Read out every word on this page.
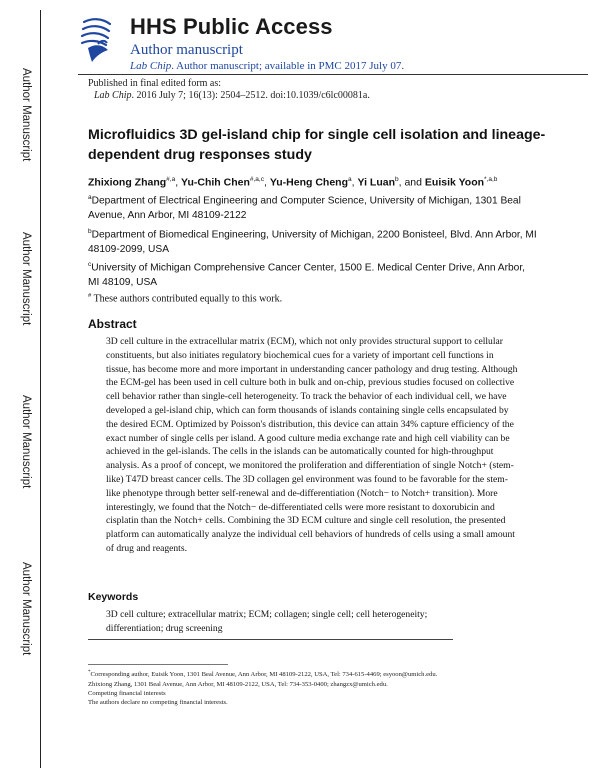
Author Manuscript
Author Manuscript
Author Manuscript
Author Manuscript
HHS Public Access
Author manuscript
Lab Chip. Author manuscript; available in PMC 2017 July 07.
Published in final edited form as:
Lab Chip. 2016 July 7; 16(13): 2504–2512. doi:10.1039/c6lc00081a.
Microfluidics 3D gel-island chip for single cell isolation and lineage-dependent drug responses study
Zhixiong Zhang$^{\#,a}$, Yu-Chih Chen$^{\#,a,c}$, Yu-Heng Cheng$^a$, Yi Luan$^b$, and Euisik Yoon$^{*,a,b}$
$^a$Department of Electrical Engineering and Computer Science, University of Michigan, 1301 Beal Avenue, Ann Arbor, MI 48109-2122
$^b$Department of Biomedical Engineering, University of Michigan, 2200 Bonisteel, Blvd. Ann Arbor, MI 48109-2099, USA
$^c$University of Michigan Comprehensive Cancer Center, 1500 E. Medical Center Drive, Ann Arbor, MI 48109, USA
# These authors contributed equally to this work.
Abstract
3D cell culture in the extracellular matrix (ECM), which not only provides structural support to cellular constituents, but also initiates regulatory biochemical cues for a variety of important cell functions in tissue, has become more and more important in understanding cancer pathology and drug testing. Although the ECM-gel has been used in cell culture both in bulk and on-chip, previous studies focused on collective cell behavior rather than single-cell heterogeneity. To track the behavior of each individual cell, we have developed a gel-island chip, which can form thousands of islands containing single cells encapsulated by the desired ECM. Optimized by Poisson's distribution, this device can attain 34% capture efficiency of the exact number of single cells per island. A good culture media exchange rate and high cell viability can be achieved in the gel-islands. The cells in the islands can be automatically counted for high-throughput analysis. As a proof of concept, we monitored the proliferation and differentiation of single Notch+ (stem-like) T47D breast cancer cells. The 3D collagen gel environment was found to be favorable for the stem-like phenotype through better self-renewal and de-differentiation (Notch− to Notch+ transition). More interestingly, we found that the Notch− de-differentiated cells were more resistant to doxorubicin and cisplatin than the Notch+ cells. Combining the 3D ECM culture and single cell resolution, the presented platform can automatically analyze the individual cell behaviors of hundreds of cells using a small amount of drug and reagents.
Keywords
3D cell culture; extracellular matrix; ECM; collagen; single cell; cell heterogeneity; differentiation; drug screening
*Corresponding author, Euisik Yoon, 1301 Beal Avenue, Ann Arbor, MI 48109-2122, USA, Tel: 734-615-4469; esyoon@umich.edu.
Zhixiong Zhang, 1301 Beal Avenue, Ann Arbor, MI 48109-2122, USA, Tel: 734-353-0400; zhangzx@umich.edu.
Competing financial interests
The authors declare no competing financial interests.
